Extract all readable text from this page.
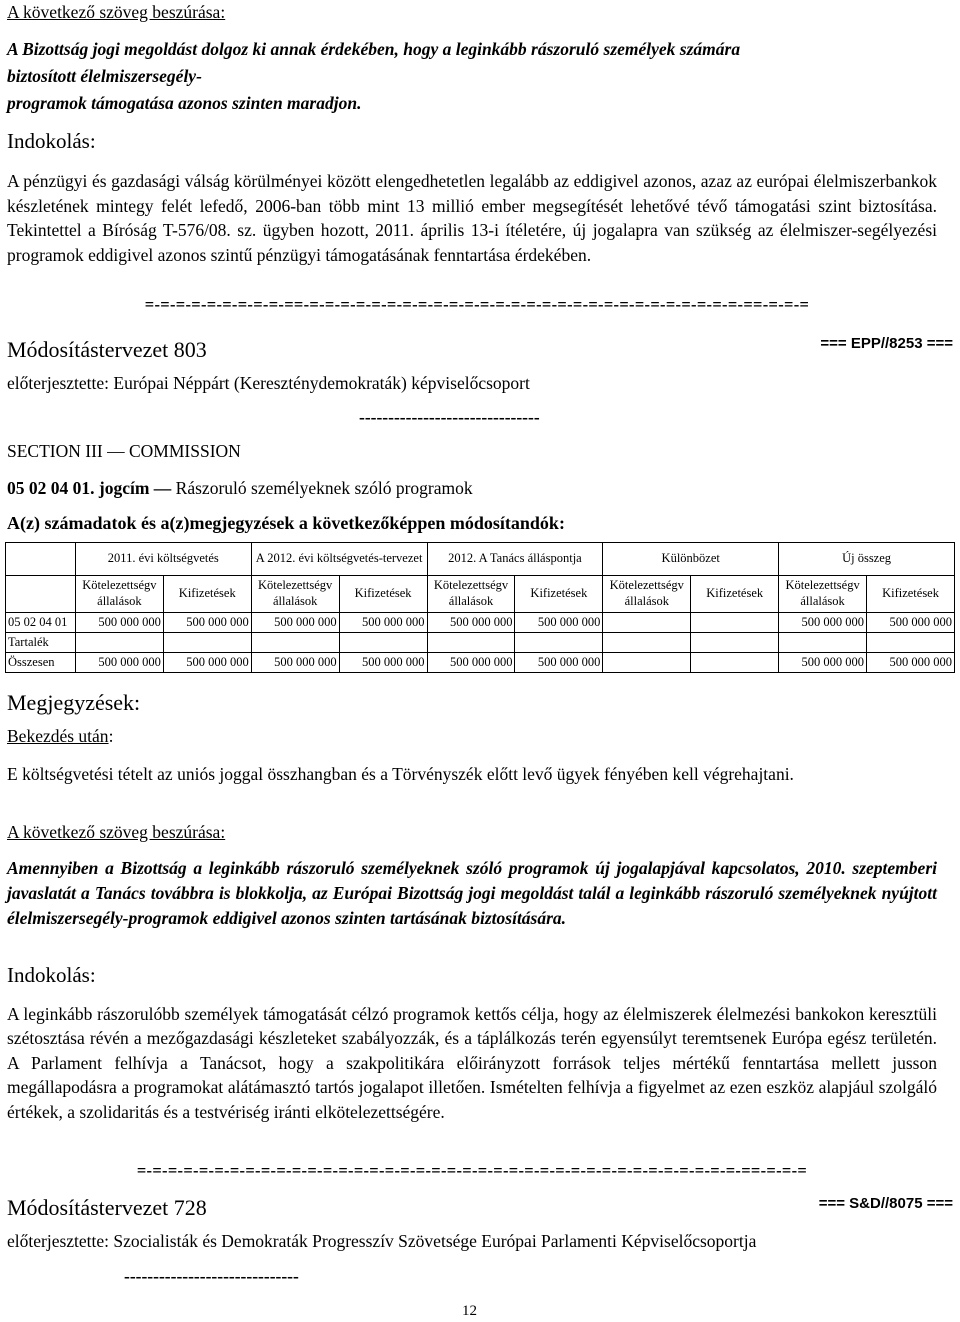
A következő szöveg beszúrása:
A Bizottság jogi megoldást dolgoz ki annak érdekében, hogy a leginkább rászoruló személyek számára
biztosított élelmiszersegély-
programok támogatása azonos szinten maradjon.

Indokolás:

A pénzügyi és gazdasági válság körülményei között elengedhetetlen legalább az eddigivel azonos, azaz az európai élelmiszerbankok készletének mintegy felét lefedő, 2006-ban több mint 13 millió ember megsegítését lehetővé tévő támogatási szint biztosítása. Tekintettel a Bíróság T-576/08. sz. ügyben hozott, 2011. április 13-i ítéletére, új jogalapra van szükség az élelmiszer-segélyezési programok eddigivel azonos szintű pénzügyi támogatásának fenntartása érdekében.

=-=-=-=-=-=-=-=-=-==-=-=-=-=-=-=-=-=-=-=-=-=-=-=-=-=-=-=-=-=-=-=-=-=-=-=-=-=-==-=-=-=
Módosítástervezet 803	=== EPP//8253 ===

előterjesztette: Európai Néppárt (Kereszténydemokraták) képviselőcsoport

-------------------------------

SECTION III — COMMISSION

05 02 04 01. jogcím — Rászoruló személyeknek szóló programok

A(z) számadatok és a(z)megjegyzések a következőképpen módosítandók:

	2011. évi költségvetés		A 2012. évi költségvetés-tervezet		2012. A Tanács álláspontja		Különbözet		Új összeg	
	Kötelezettségv állalások	Kifizetések	Kötelezettségv állalások	Kifizetések	Kötelezettségv állalások	Kifizetések	Kötelezettségv állalások	Kifizetések	Kötelezettségv állalások	Kifizetések
05 02 04 01	500 000 000	500 000 000	500 000 000	500 000 000	500 000 000	500 000 000			500 000 000	500 000 000
Tartalék										
Összesen	500 000 000	500 000 000	500 000 000	500 000 000	500 000 000	500 000 000			500 000 000	500 000 000

Megjegyzések:

Bekezdés után:

E költségvetési tételt az uniós joggal összhangban és a Törvényszék előtt levő ügyek fényében kell végrehajtani.

A következő szöveg beszúrása:

Amennyiben a Bizottság a leginkább rászoruló személyeknek szóló programok új jogalapjával kapcsolatos, 2010. szeptemberi javaslatát a Tanács továbbra is blokkolja, az Európai Bizottság jogi megoldást talál a leginkább rászoruló személyeknek nyújtott élelmiszersegély-programok eddigivel azonos szinten tartásának biztosítására.

Indokolás:

A leginkább rászorulóbb személyek támogatását célzó programok kettős célja, hogy az élelmiszerek élelmezési bankokon keresztüli szétosztása révén a mezőgazdasági készleteket szabályozzák, és a táplálkozás terén egyensúlyt teremtsenek Európa egész területén. A Parlament felhívja a Tanácsot, hogy a szakpolitikára előirányzott források teljes mértékű fenntartása mellett jusson megállapodásra a programokat alátámasztó tartós jogalapot illetően. Ismételten felhívja a figyelmet az ezen eszköz alapjául szolgáló értékek, a szolidaritás és a testvériség iránti elkötelezettségére.

=-=-=-=-=-=-=-=-=-=-=-=-=-=-=-=-=-=-=-=-=-=-=-=-=-=-=-=-=-=-=-=-=-=-=-=-=-=-=-==-=-=-=
Módosítástervezet 728	=== S&D//8075 ===

előterjesztette: Szocialisták és Demokraták Progresszív Szövetsége Európai Parlamenti Képviselőcsoportja

------------------------------
12
